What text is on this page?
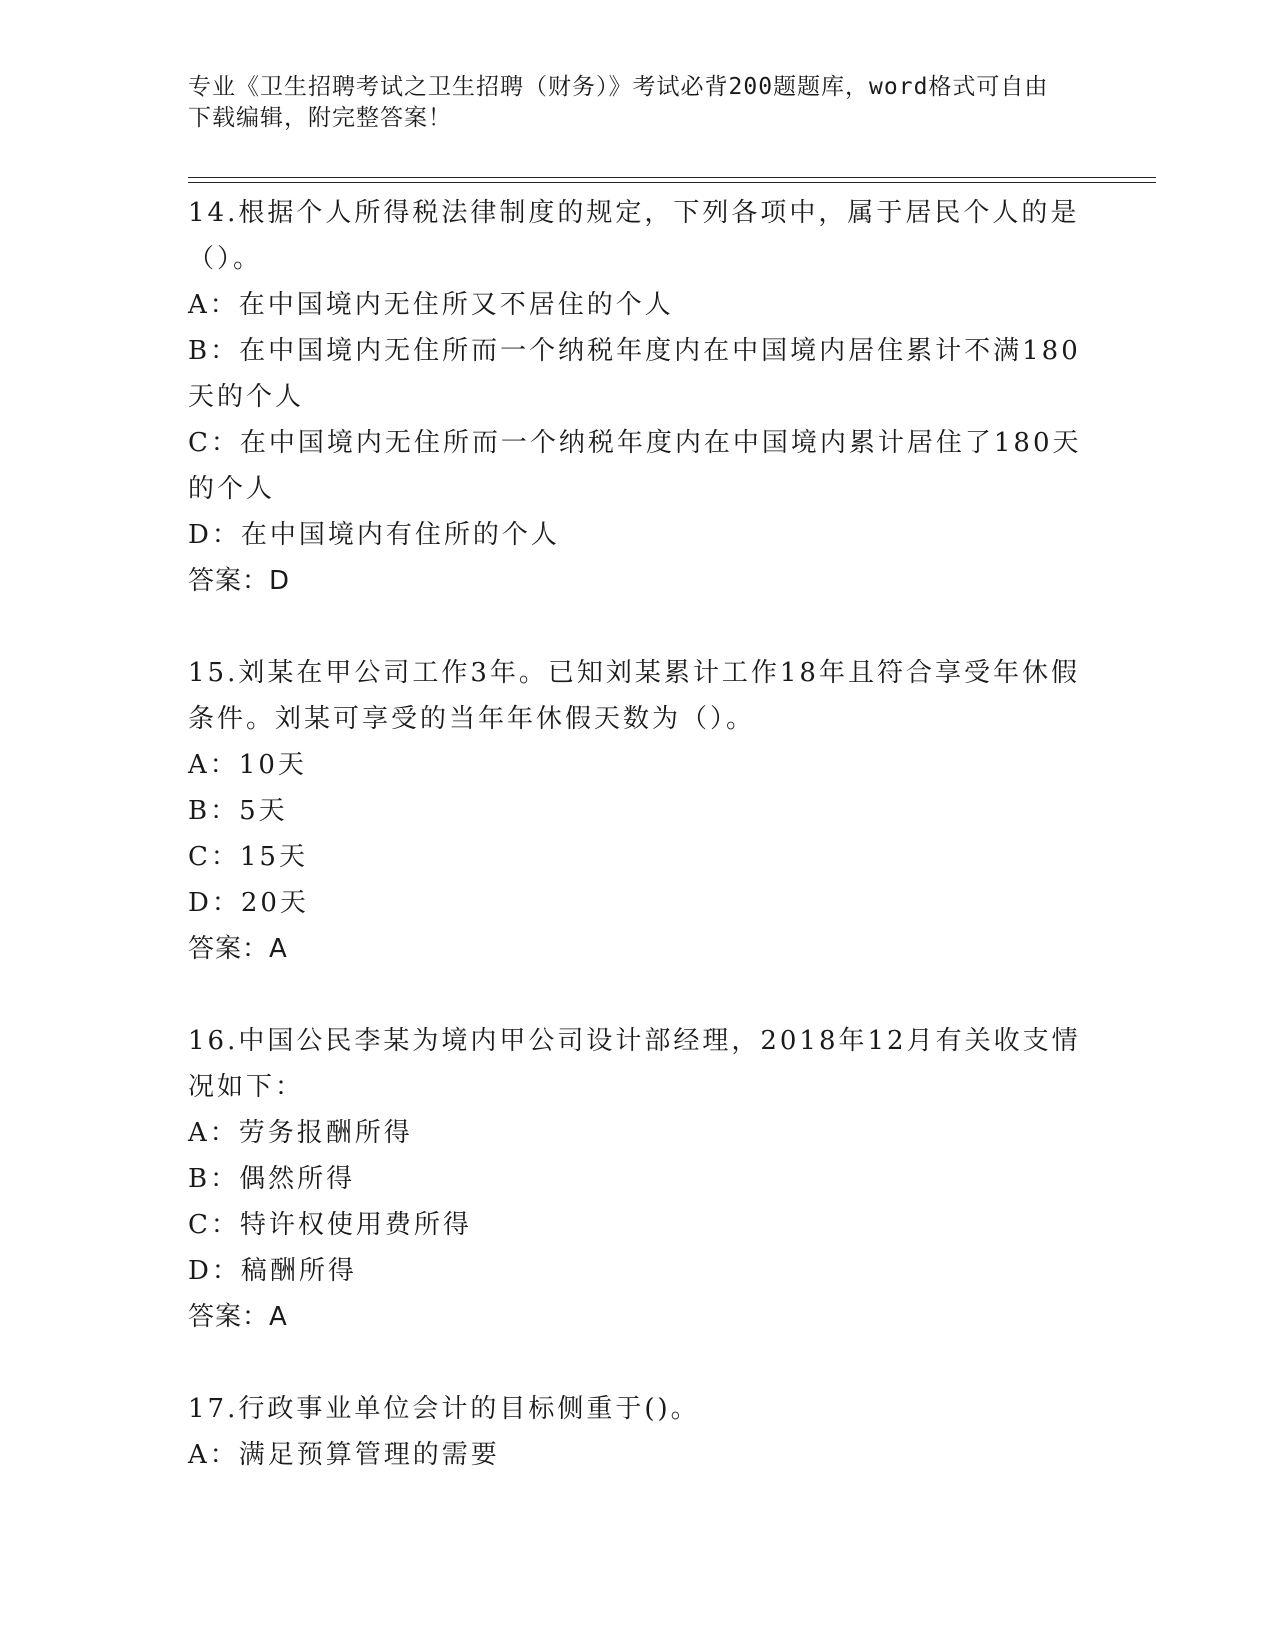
专业《卫生招聘考试之卫生招聘（财务）》考试必背200题题库，word格式可自由下载编辑，附完整答案！

14.根据个人所得税法律制度的规定，下列各项中，属于居民个人的是（）。

A：在中国境内无住所又不居住的个人

B：在中国境内无住所而一个纳税年度内在中国境内居住累计不满180天的个人

C：在中国境内无住所而一个纳税年度内在中国境内累计居住了180天的个人

D：在中国境内有住所的个人

答案：D

15.刘某在甲公司工作3年。已知刘某累计工作18年且符合享受年休假条件。刘某可享受的当年年休假天数为（）。

A：10天

B：5天

C：15天

D：20天

答案：A

16.中国公民李某为境内甲公司设计部经理，2018年12月有关收支情况如下：

A：劳务报酬所得

B：偶然所得

C：特许权使用费所得

D：稿酬所得

答案：A

17.行政事业单位会计的目标侧重于()。

A：满足预算管理的需要
